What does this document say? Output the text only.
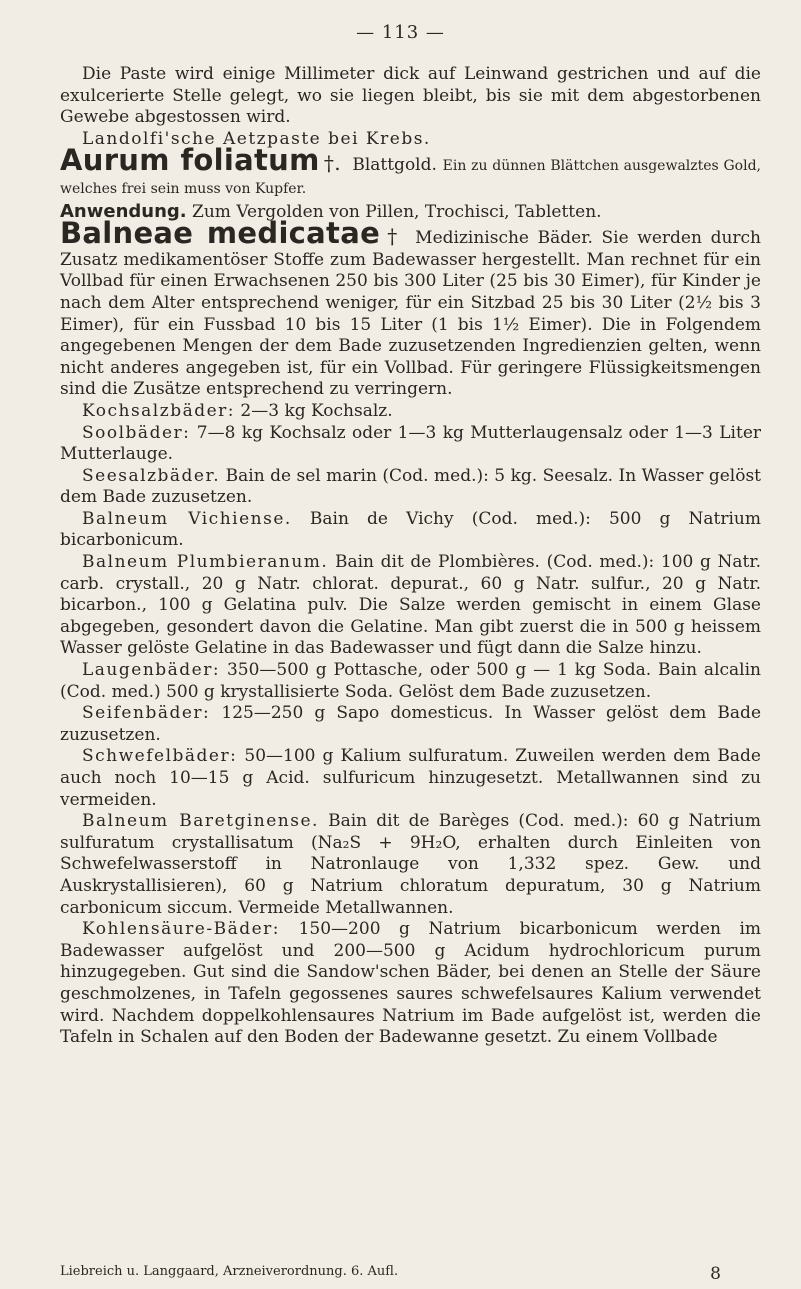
— 113 —

Die Paste wird einige Millimeter dick auf Leinwand gestrichen und auf die exulcerierte Stelle gelegt, wo sie liegen bleibt, bis sie mit dem abgestorbenen Gewebe abgestossen wird.

Landolfi'sche Aetzpaste bei Krebs.

Aurum foliatum †. Blattgold. Ein zu dünnen Blättchen ausgewalztes Gold, welches frei sein muss von Kupfer.

Anwendung. Zum Vergolden von Pillen, Trochisci, Tabletten.

Balneae medicatae † Medizinische Bäder. Sie werden durch Zusatz medikamentöser Stoffe zum Badewasser hergestellt. Man rechnet für ein Vollbad für einen Erwachsenen 250 bis 300 Liter (25 bis 30 Eimer), für Kinder je nach dem Alter entsprechend weniger, für ein Sitzbad 25 bis 30 Liter (2½ bis 3 Eimer), für ein Fussbad 10 bis 15 Liter (1 bis 1½ Eimer). Die in Folgendem angegebenen Mengen der dem Bade zuzusetzenden Ingredienzien gelten, wenn nicht anderes angegeben ist, für ein Vollbad. Für geringere Flüssigkeitsmengen sind die Zusätze entsprechend zu verringern.

Kochsalzbäder: 2—3 kg Kochsalz.

Soolbäder: 7—8 kg Kochsalz oder 1—3 kg Mutterlaugensalz oder 1—3 Liter Mutterlauge.

Seesalzbäder. Bain de sel marin (Cod. med.): 5 kg. Seesalz. In Wasser gelöst dem Bade zuzusetzen.

Balneum Vichiense. Bain de Vichy (Cod. med.): 500 g Natrium bicarbonicum.

Balneum Plumbieranum. Bain dit de Plombières. (Cod. med.): 100 g Natr. carb. crystall., 20 g Natr. chlorat. depurat., 60 g Natr. sulfur., 20 g Natr. bicarbon., 100 g Gelatina pulv. Die Salze werden gemischt in einem Glase abgegeben, gesondert davon die Gelatine. Man gibt zuerst die in 500 g heissem Wasser gelöste Gelatine in das Badewasser und fügt dann die Salze hinzu.

Laugenbäder: 350—500 g Pottasche, oder 500 g — 1 kg Soda. Bain alcalin (Cod. med.) 500 g krystallisierte Soda. Gelöst dem Bade zuzusetzen.

Seifenbäder: 125—250 g Sapo domesticus. In Wasser gelöst dem Bade zuzusetzen.

Schwefelbäder: 50—100 g Kalium sulfuratum. Zuweilen werden dem Bade auch noch 10—15 g Acid. sulfuricum hinzugesetzt. Metallwannen sind zu vermeiden.

Balneum Baretginense. Bain dit de Barèges (Cod. med.): 60 g Natrium sulfuratum crystallisatum (Na₂S + 9H₂O, erhalten durch Einleiten von Schwefelwasserstoff in Natronlauge von 1,332 spez. Gew. und Auskrystallisieren), 60 g Natrium chloratum depuratum, 30 g Natrium carbonicum siccum. Vermeide Metallwannen.

Kohlensäure-Bäder: 150—200 g Natrium bicarbonicum werden im Badewasser aufgelöst und 200—500 g Acidum hydrochloricum purum hinzugegeben. Gut sind die Sandow'schen Bäder, bei denen an Stelle der Säure geschmolzenes, in Tafeln gegossenes saures schwefelsaures Kalium verwendet wird. Nachdem doppelkohlensaures Natrium im Bade aufgelöst ist, werden die Tafeln in Schalen auf den Boden der Badewanne gesetzt. Zu einem Vollbade

Liebreich u. Langgaard, Arzneiverordnung. 6. Aufl.	8
